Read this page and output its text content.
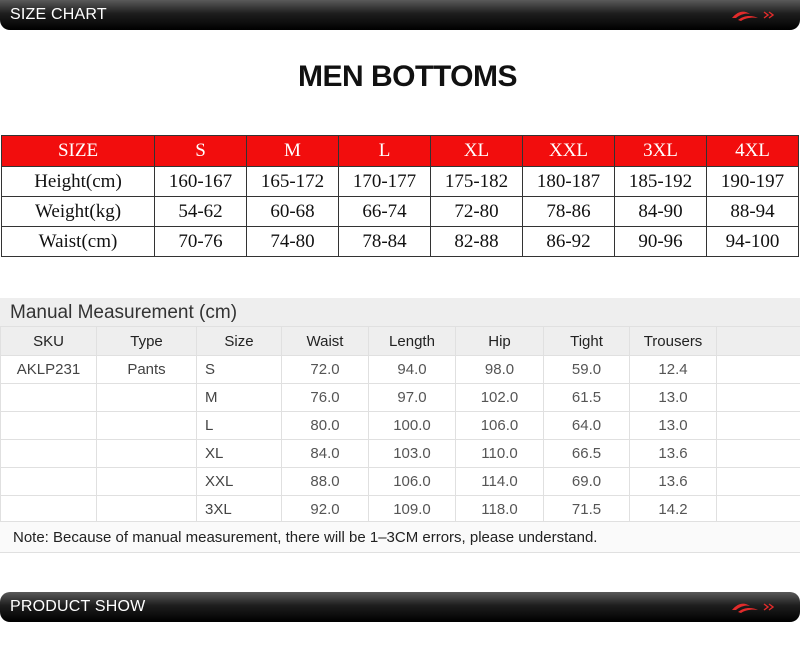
SIZE CHART
MEN BOTTOMS
SIZE	S	M	L	XL	XXL	3XL	4XL
Height(cm)	160-167	165-172	170-177	175-182	180-187	185-192	190-197
Weight(kg)	54-62	60-68	66-74	72-80	78-86	84-90	88-94
Waist(cm)	70-76	74-80	78-84	82-88	86-92	90-96	94-100
Manual Measurement (cm)
SKU	Type	Size	Waist	Length	Hip	Tight	Trousers	
AKLP231	Pants	S	72.0	94.0	98.0	59.0	12.4	
		M	76.0	97.0	102.0	61.5	13.0	
		L	80.0	100.0	106.0	64.0	13.0	
		XL	84.0	103.0	110.0	66.5	13.6	
		XXL	88.0	106.0	114.0	69.0	13.6	
		3XL	92.0	109.0	118.0	71.5	14.2	
Note: Because of manual measurement, there will be 1–3CM errors, please understand.
PRODUCT SHOW
